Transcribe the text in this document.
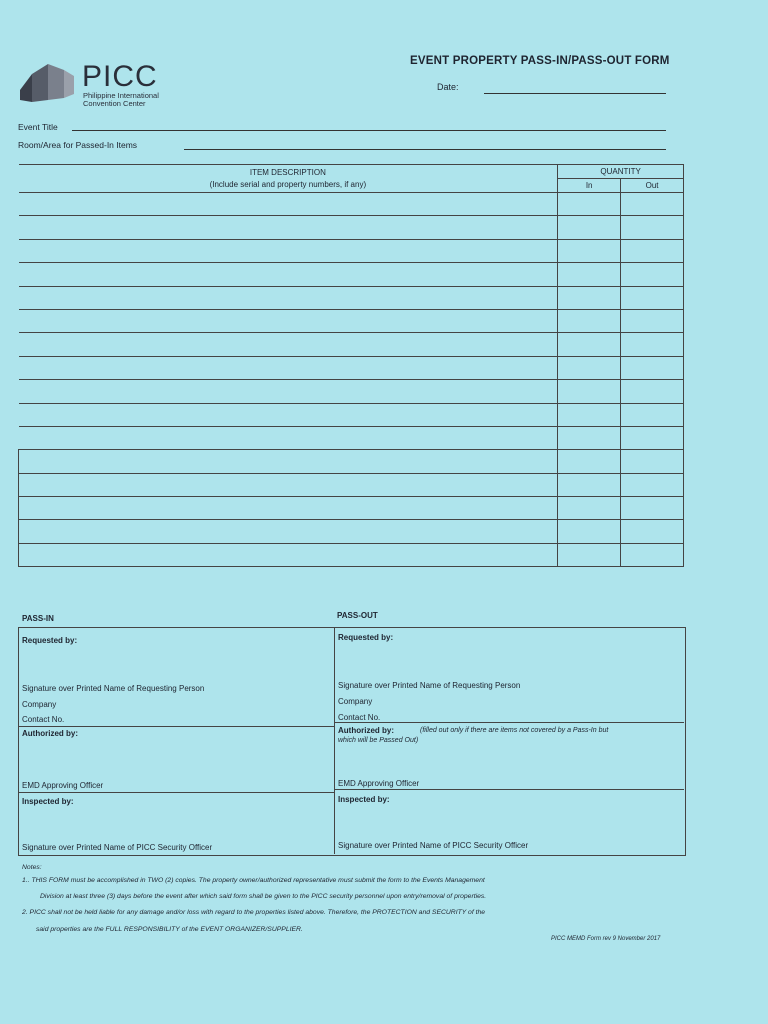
PICC
Philippine International
Convention Center
EVENT PROPERTY PASS-IN/PASS-OUT FORM
Date:
Event Title
Room/Area for Passed-In Items
ITEM DESCRIPTION
(Include serial and property numbers, if any)	QUANTITY	
	In	Out

PASS-IN	PASS-OUT
Requested by:
Signature over Printed Name of Requesting Person
Company
Contact No.
Authorized by:
EMD Approving Officer
Inspected by:
Signature over Printed Name of PICC Security Officer
Requested by:
Signature over Printed Name of Requesting Person
Company
Contact No.
Authorized by:	(filled out only if there are items not covered by a Pass-In but
which will be Passed Out)
EMD Approving Officer
Inspected by:
Signature over Printed Name of PICC Security Officer
Notes:
1.. THIS FORM must be accomplished in TWO (2) copies. The property owner/authorized representative must submit the form to the Events Management
Division at least three (3) days before the event after which said form shall be given to the PICC security personnel upon entry/removal of properties.
2. PICC shall not be held liable for any damage and/or loss with regard to the properties listed above. Therefore, the PROTECTION and SECURITY of the
said properties are the FULL RESPONSIBILITY of the EVENT ORGANIZER/SUPPLIER.
PICC MEMD Form rev 9 November 2017
